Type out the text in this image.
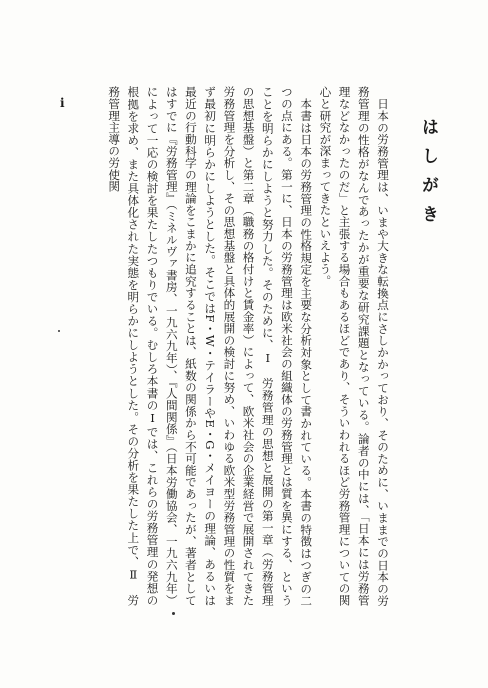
はしがき

日本の労務管理は、いまや大きな転換点にさしかかっており、そのために、いままでの日本の労務管理の性格がなんであったかが重要な研究課題となっている。論者の中には、「日本には労務管理などなかったのだ」と主張する場合もあるほどであり、そういわれるほど労務管理についての関心と研究が深まってきたといえよう。

本書は日本の労務管理の性格規定を主要な分析対象として書かれている。本書の特徴はつぎの二つの点にある。第一に、日本の労務管理は欧米社会の組織体の労務管理とは質を異にする、ということを明らかにしようと努力した。そのために、Ⅰ　労務管理の思想と展開の第一章（労務管理の思想基盤）と第二章（職務の格付けと賃金率）によって、欧米社会の企業経営で展開されてきた労務管理を分析し、その思想基盤と具体的展開の検討に努め、いわゆる欧米型労務管理の性質をまず最初に明らかにしようとした。そこではF・W・テイラーやE・G・メイヨーの理論、あるいは最近の行動科学の理論をこまかに追究することは、紙数の関係から不可能であったが、著者としてはすでに『労務管理』（ミネルヴァ書房、一九六九年）、『人間関係』（日本労働協会、一九六九年）によって一応の検討を果たしたつもりでいる。むしろ本書のⅠでは、これらの労務管理の発想の根拠を求め、また具体化された実態を明らかにしようとした。その分析を果たした上で、Ⅱ　労務管理主導の労使関

i
